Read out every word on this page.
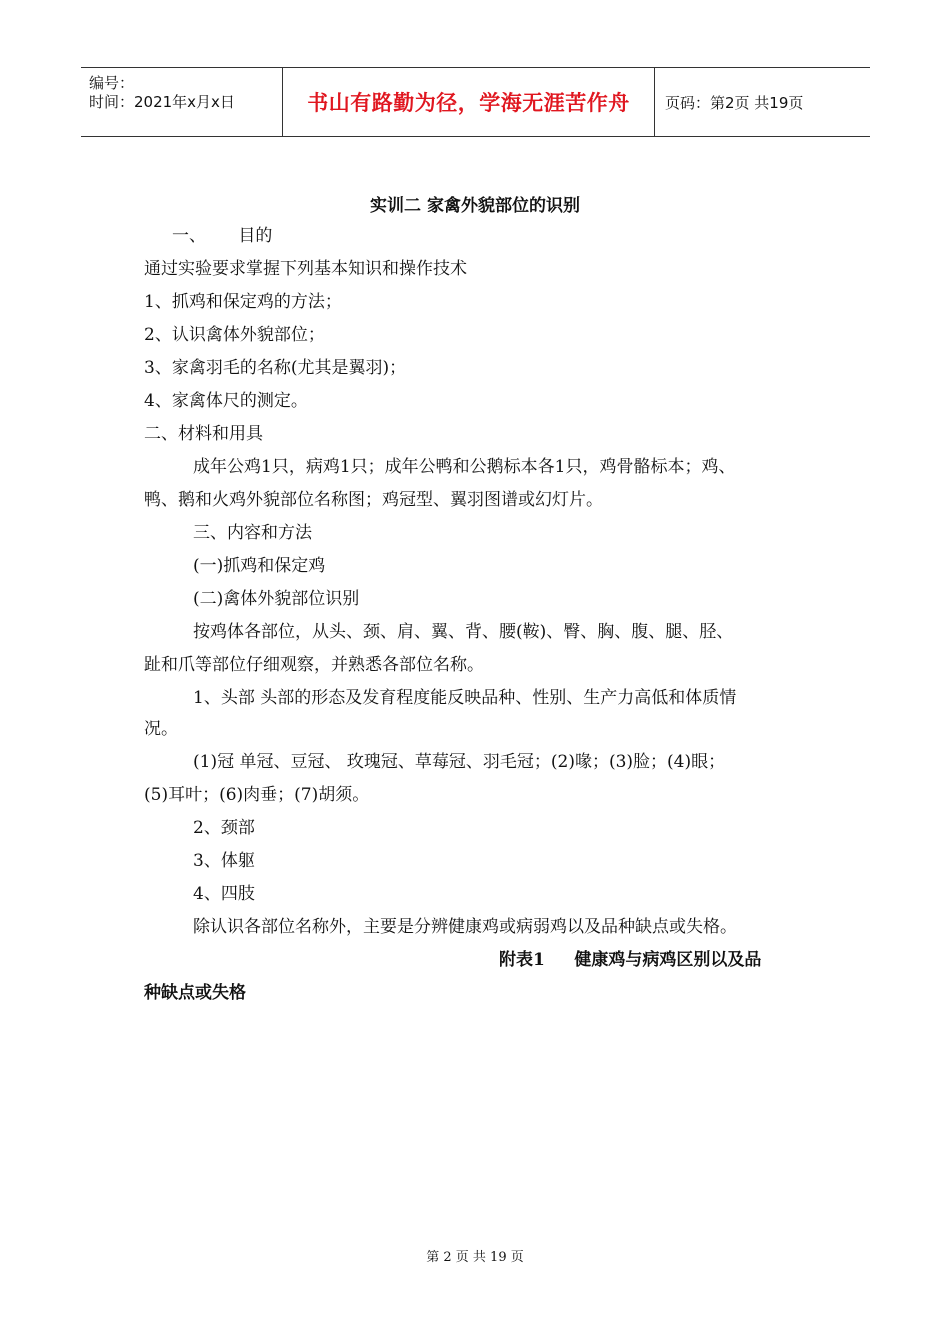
编号：
时间：2021年x月x日	书山有路勤为径，学海无涯苦作舟	页码：第2页 共19页
实训二 家禽外貌部位的识别
一、      目的
通过实验要求掌握下列基本知识和操作技术
1、抓鸡和保定鸡的方法；
2、认识禽体外貌部位；
3、家禽羽毛的名称(尤其是翼羽)；
4、家禽体尺的测定。
二、材料和用具
成年公鸡1只，病鸡1只；成年公鸭和公鹅标本各1只，鸡骨骼标本；鸡、
鸭、鹅和火鸡外貌部位名称图；鸡冠型、翼羽图谱或幻灯片。
三、内容和方法
(一)抓鸡和保定鸡
(二)禽体外貌部位识别
按鸡体各部位，从头、颈、肩、翼、背、腰(鞍)、臀、胸、腹、腿、胫、
趾和爪等部位仔细观察，并熟悉各部位名称。
1、头部 头部的形态及发育程度能反映品种、性别、生产力高低和体质情
况。
(1)冠 单冠、豆冠、 玫瑰冠、草莓冠、羽毛冠；(2)喙；(3)脸；(4)眼；
(5)耳叶；(6)肉垂；(7)胡须。
2、颈部
3、体躯
4、四肢
除认识各部位名称外，主要是分辨健康鸡或病弱鸡以及品种缺点或失格。
附表1     健康鸡与病鸡区别以及品
种缺点或失格
第 2 页 共 19 页
